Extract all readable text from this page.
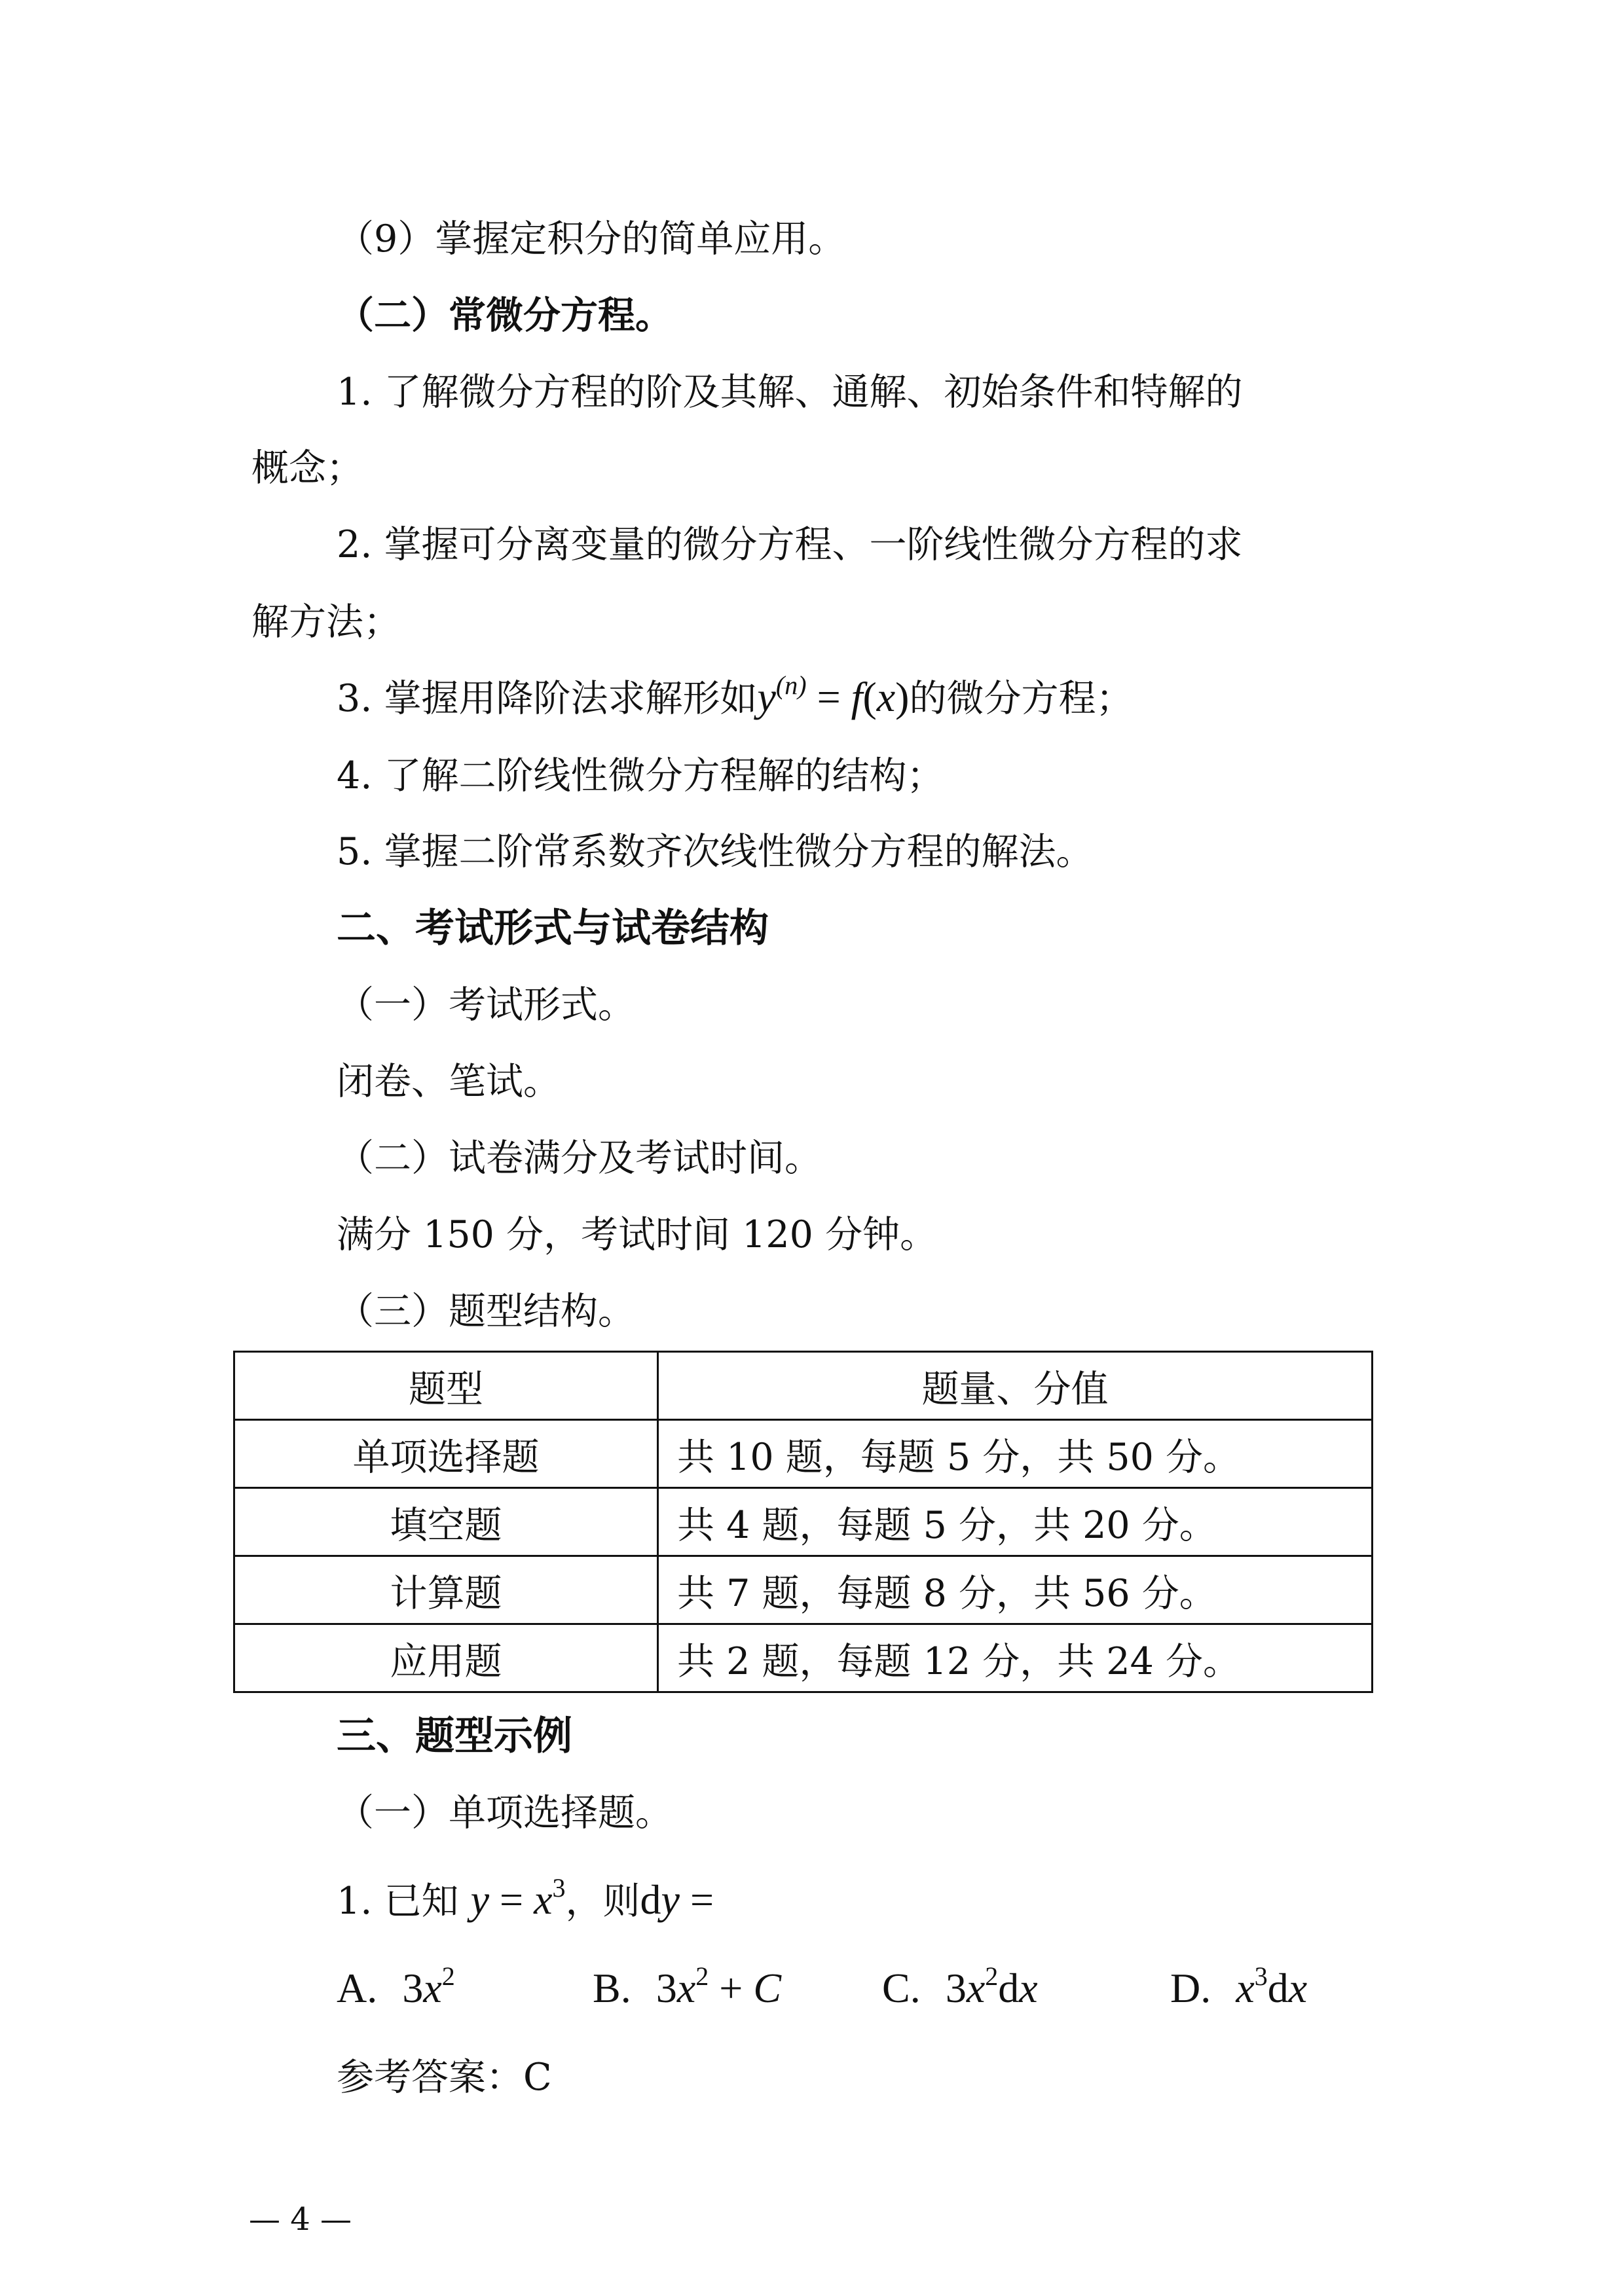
（9）掌握定积分的简单应用。
（二）常微分方程。
1. 了解微分方程的阶及其解、通解、初始条件和特解的
概念；
2. 掌握可分离变量的微分方程、一阶线性微分方程的求
解方法；
3. 掌握用降阶法求解形如$y^{(n)} = f(x)$的微分方程；
4. 了解二阶线性微分方程解的结构；
5. 掌握二阶常系数齐次线性微分方程的解法。
二、考试形式与试卷结构
（一）考试形式。
闭卷、笔试。
（二）试卷满分及考试时间。
满分 150 分，考试时间 120 分钟。
（三）题型结构。
题型	题量、分值
单项选择题	共 10 题，每题 5 分，共 50 分。
填空题	共 4 题，每题 5 分，共 20 分。
计算题	共 7 题，每题 8 分，共 56 分。
应用题	共 2 题，每题 12 分，共 24 分。
三、题型示例
（一）单项选择题。
1. 已知 $y = x^3$，则dy =
A. $3x^2$	B. $3x^2 + C$ C. $3x^2dx$	D. $x^3dx$
参考答案：C
— 4 —
